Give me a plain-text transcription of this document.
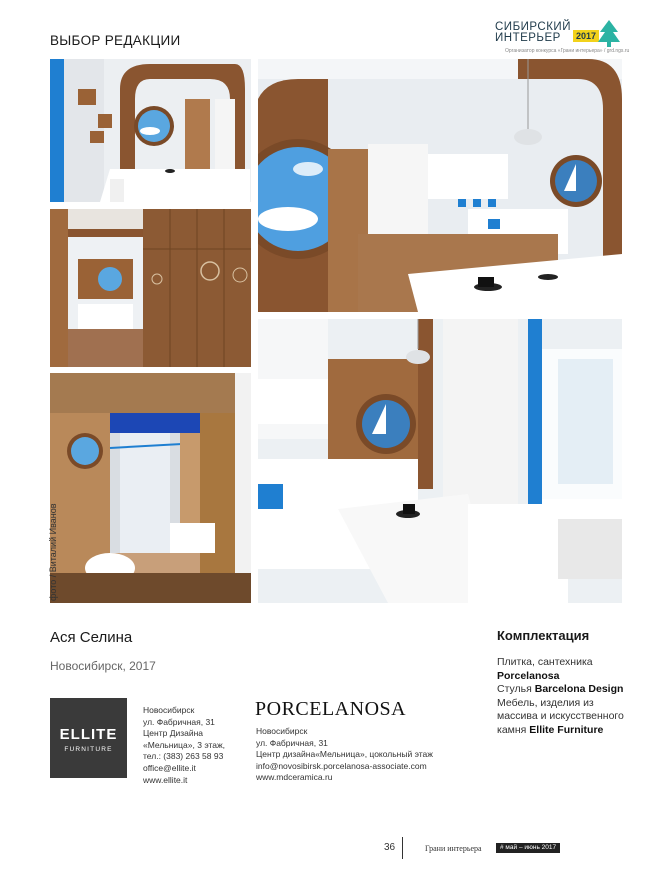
ВЫБОР РЕДАКЦИИ
СИБИРСКИЙ
ИНТЕРЬЕР	2017
Организатор конкурса «Грани интерьера» / grd.ngs.ru
фото / Виталий Иванов
Ася Селина
Новосибирск, 2017
Комплектация
Плитка, сантехника
Porcelanosa
Стулья Barcelona Design
Мебель, изделия из массива и искусственного камня Ellite Furniture
ELLITE
FURNITURE
Новосибирск
ул. Фабричная, 31
Центр Дизайна
«Мельница», 3 этаж,
тел.: (383) 263 58 93
office@ellite.it
www.ellite.it
PORCELANOSA
Новосибирск
ул. Фабричная, 31
Центр дизайна«Мельница», цокольный этаж
info@novosibirsk.porcelanosa-associate.com
www.mdceramica.ru
36	Грани интерьера	# май – июнь 2017
